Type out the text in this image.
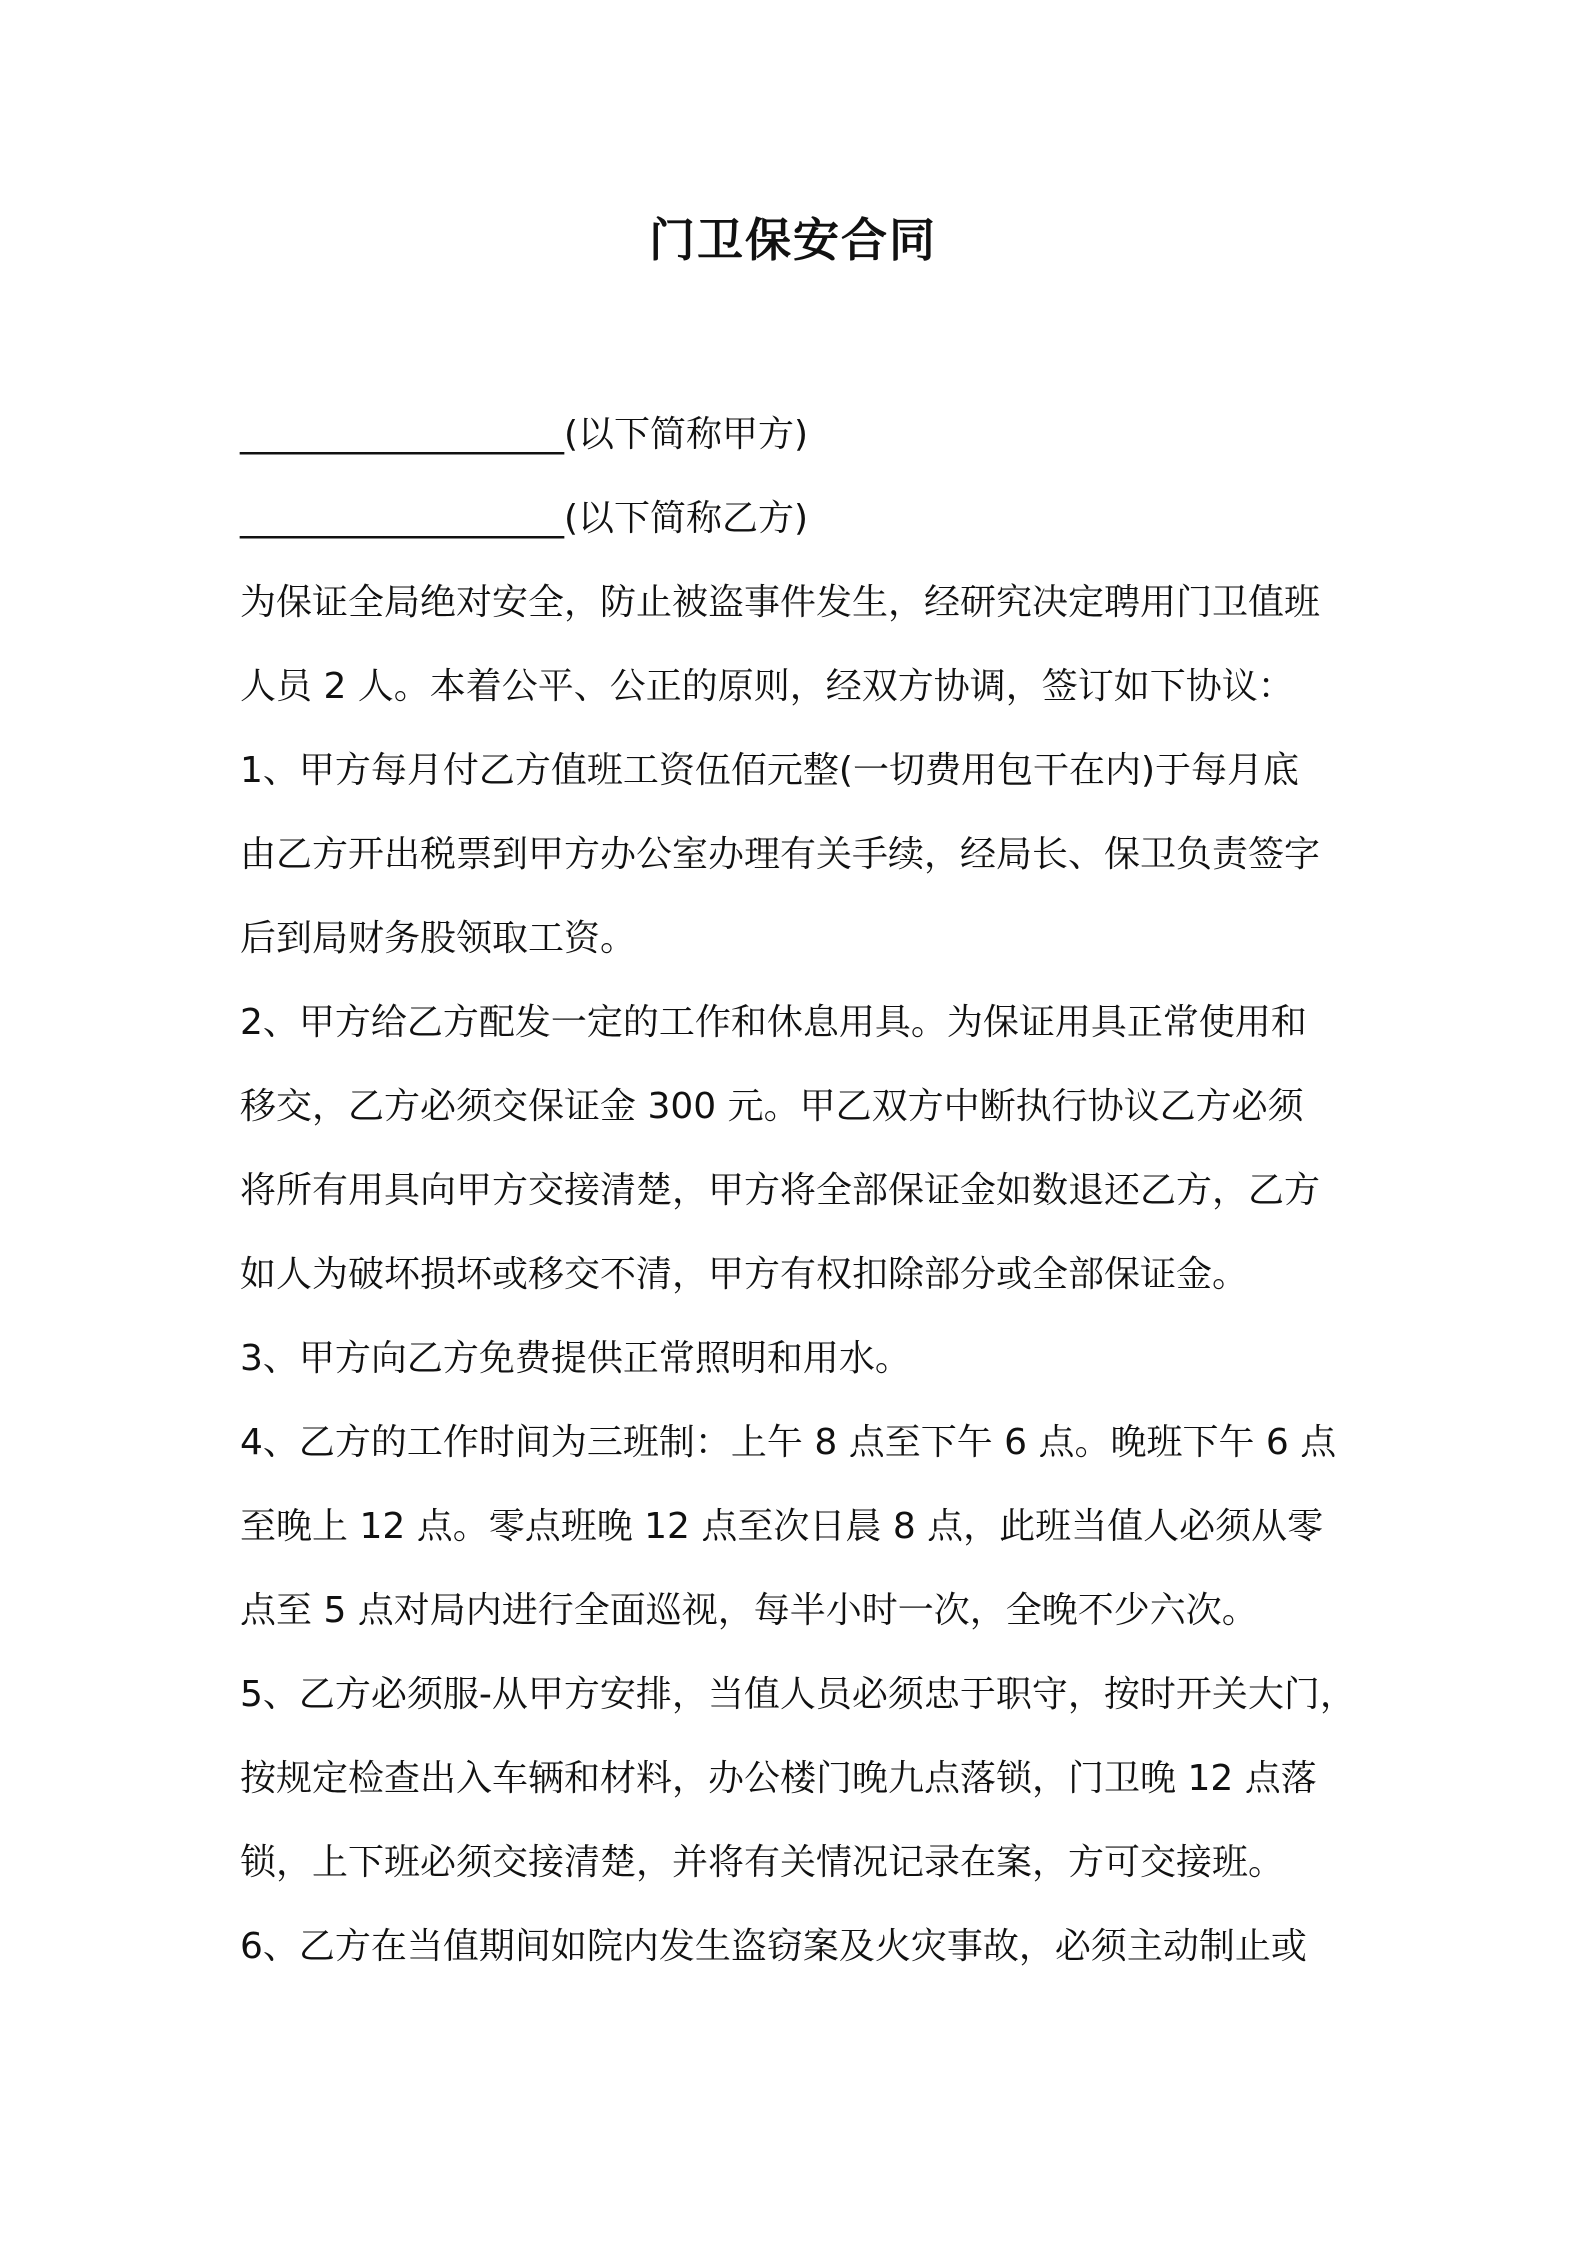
门卫保安合同
__________________(以下简称甲方)
__________________(以下简称乙方)
为保证全局绝对安全，防止被盗事件发生，经研究决定聘用门卫值班
人员 2 人。本着公平、公正的原则，经双方协调，签订如下协议：
1、甲方每月付乙方值班工资伍佰元整(一切费用包干在内)于每月底
由乙方开出税票到甲方办公室办理有关手续，经局长、保卫负责签字
后到局财务股领取工资。
2、甲方给乙方配发一定的工作和休息用具。为保证用具正常使用和
移交，乙方必须交保证金 300 元。甲乙双方中断执行协议乙方必须
将所有用具向甲方交接清楚，甲方将全部保证金如数退还乙方，乙方
如人为破坏损坏或移交不清，甲方有权扣除部分或全部保证金。
3、甲方向乙方免费提供正常照明和用水。
4、乙方的工作时间为三班制：上午 8 点至下午 6 点。晚班下午 6 点
至晚上 12 点。零点班晚 12 点至次日晨 8 点，此班当值人必须从零
点至 5 点对局内进行全面巡视，每半小时一次，全晚不少六次。
5、乙方必须服-从甲方安排，当值人员必须忠于职守，按时开关大门，
按规定检查出入车辆和材料，办公楼门晚九点落锁，门卫晚 12 点落
锁，上下班必须交接清楚，并将有关情况记录在案，方可交接班。
6、乙方在当值期间如院内发生盗窃案及火灾事故，必须主动制止或
